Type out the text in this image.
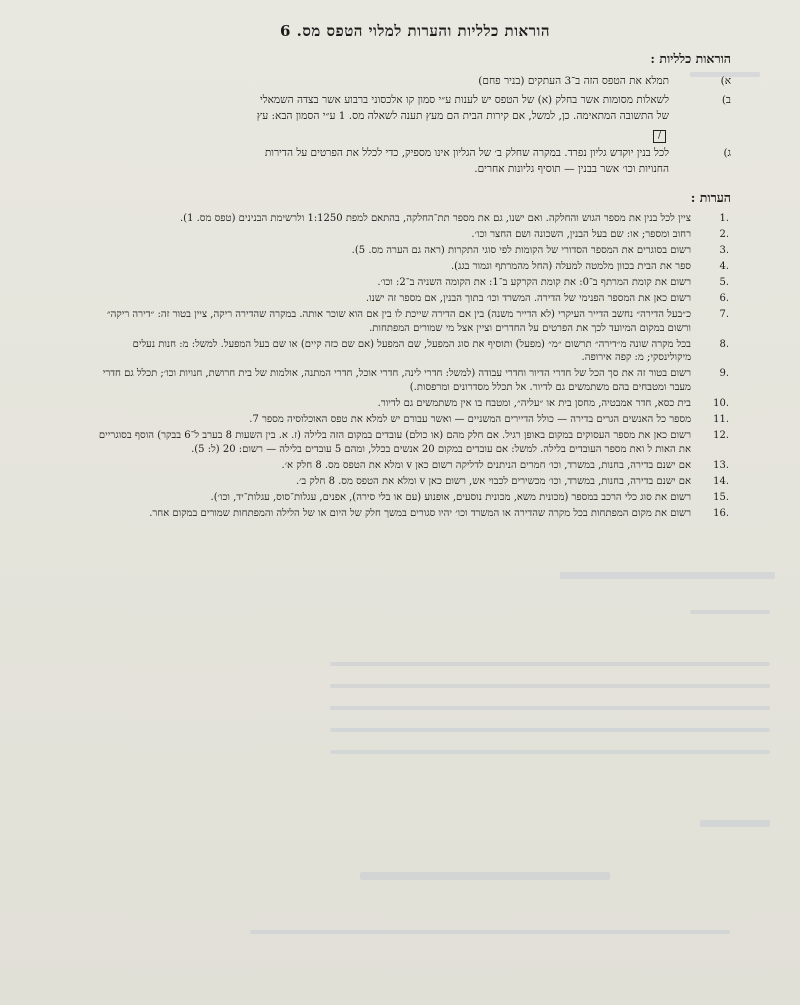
הוראות כלליות והערות למלוי הטפס מס. 6
הוראות כלליות :
א)
תמלא את הטפס הזה ב־3 העתקים (בניר פחם)
ב)
לשאלות מסומות אשר בחלק (א) של הטפס יש לענות ע״י סמון קו אלכסוני ברבוע אשר בצדה השמאלי של התשובה המתאימה. כן, למשל, אם קירות הבית הם מעץ תענה לשאלה מס. 1 ע״י הסמון הבא: עץ /
ג)
לכל בנין יוקדש גליון נפרד. במקרה שחלק ב׳ של הגליון אינו מספיק, כדי לכלל את הפרטים על הדירות החנויות וכו׳ אשר בבנין — תוסיף גליונות אחרים.
הערות :
.1
ציין לכל בנין את מספר הגוש והחלקה. ואם ישנו, גם את מספר תת־החלקה, בהתאם למפת 1:1250 ולרשימת הבנינים (טפס מס. 1).
.2
רחוב ומספר; או: שם בעל הבנין, השכונה ושם החצר וכו׳.
.3
רשום בסוגרים את המספר הסדורי של הקומות לפי סוגי התקרות (ראה גם הערה מס. 5).
.4
ספר את הבית בכוון מלמטה למעלה (החל מהמרתף וגמור בגג).
.5
רשום את קומת המרתף ב־0: את קומת הקרקע ב־1: את הקומה השניה ב־2: וכו׳.
.6
רשום כאן את המספר הפנימי של הדירה. המשרד וכו׳ בתוך הבנין, אם מספר זה ישנו.
.7
כ״בעל הדירה״ נחשב הדייר העיקרי (לא הדייר משנה) בין אם הדירה שייכת לו בין אם הוא שוכר אותה. במקרה שהדירה ריקה, ציין בטור זה: ״דירה ריקה״ ורשום במקום המיועד לכך את הפרטים על החדרים וציין אצל מי שמורים המפתחות.
.8
בכל מקרה שונה מ״דירה״ תרשום ״מ״ (מפעל) ותוסיף את סוג המפעל, שם המפעל (אם שם כזה קיים) או שם בעל המפעל. למשל: מ: חנות נעלים מיקולינסקי; מ: קפה אירופה.
.9
רשום בטור זה את סך הכל של חדרי הדיור וחדרי עבודה (למשל: חדרי לינה, חדרי אוכל, חדרי המתנה, אולמות של בית חרושת, חנויות וכו׳; תכלל גם חדרי מעבר ומטבחים בהם משתמשים גם לדיור. אל תכלל מסדרונים ומרפסות.)
.10
בית כסא, חדר אמבטיה, מחסן בית או ״עליה״, ומטבח בו אין משתמשים גם לדיור.
.11
מספר כל האנשים הגרים בדירה — כולל הדיירים המשניים — ואשר עבורם יש למלא את טפס האוכלוסיה מספר 7.
.12
רשום כאן את מספר העסוקים במקום באופן רגיל. אם חלק מהם (או כולם) עובדים במקום הזה בלילה (ז. א. בין השעות 8 בערב ל־6 בבקר) הוסף בסוגריים את האות ל ואת מספר העובדים בלילה. למשל: אם עובדים במקום 20 אנשים בכלל, ומהם 5 עובדים בלילה — רשום: 20 (ל: 5).
.13
אם ישנם בדירה, בחנות, במשרד, וכו׳ חמרים הניתנים לדליקה רשום כאן v ומלא את הטפס מס. 8 חלק א׳.
.14
אם ישנם בדירה, בחנות, במשרד, וכו׳ מכשירים לכבוי אש, רשום כאן v ומלא את הטפס מס. 8 חלק ב׳.
.15
רשום את סוג כלי הרכב במספר (מכונית משא, מכונית נוסעים, אופנוע (עם או בלי סירה), אפנים, עגלות־סוס, עגלות־יד, וכו׳).
.16
רשום את מקום המפתחות בכל מקרה שהדירה או המשרד וכו׳ יהיו סגורים במשך חלק של היום או של הלילה והמפתחות שמורים במקום אחר.
